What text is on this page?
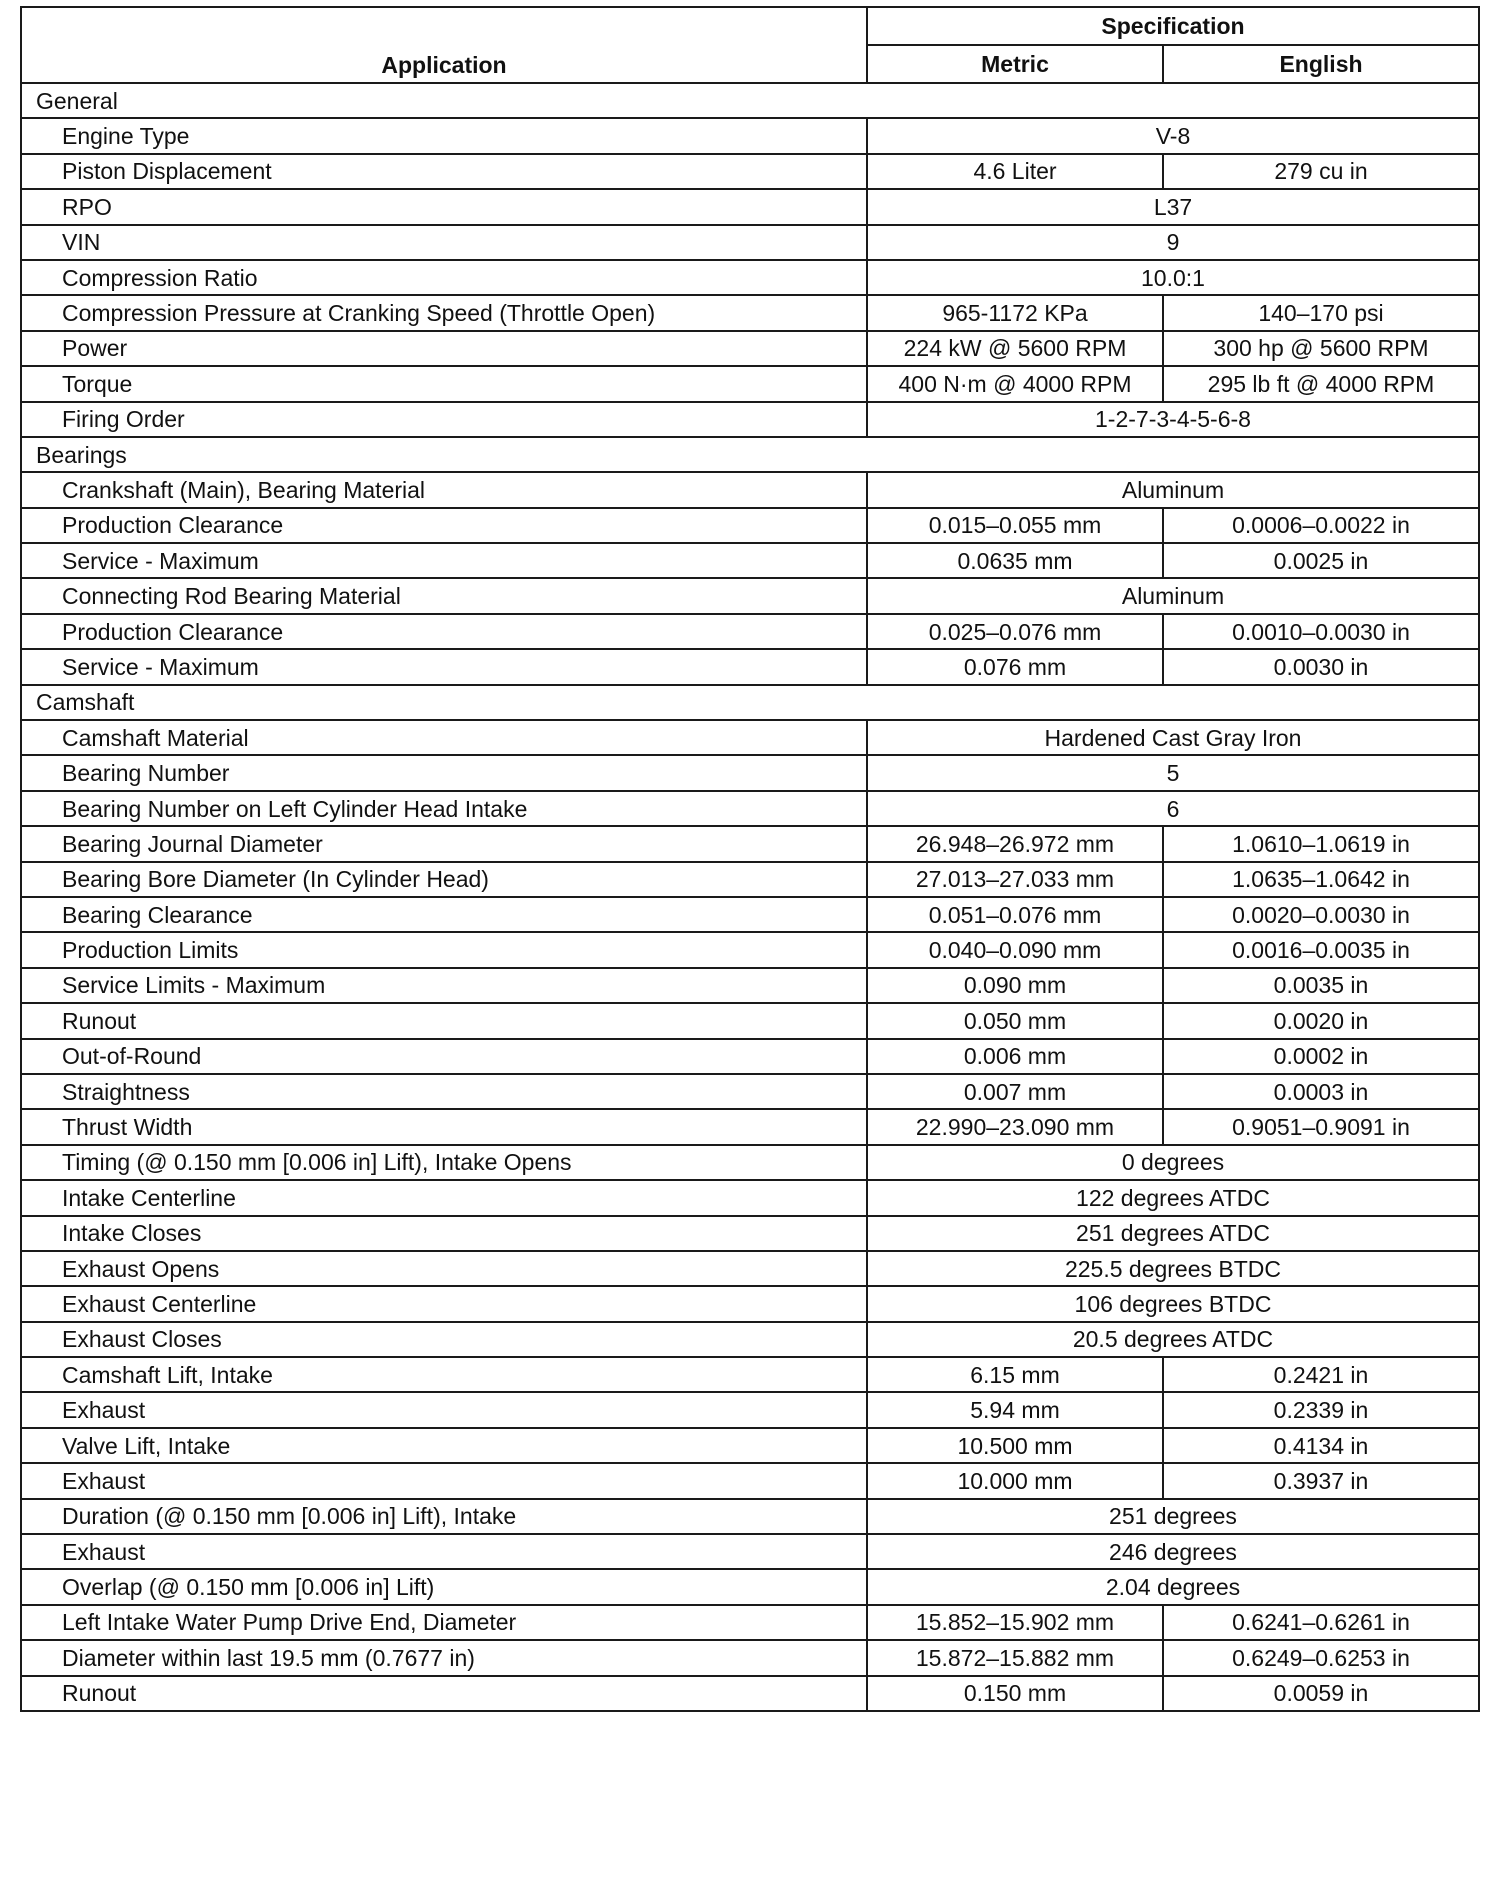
Application	Specification	
	Metric	English
General		
Engine Type	V-8	
Piston Displacement	4.6 Liter	279 cu in
RPO	L37	
VIN	9	
Compression Ratio	10.0:1	
Compression Pressure at Cranking Speed (Throttle Open)	965-1172 KPa	140–170 psi
Power	224 kW @ 5600 RPM	300 hp @ 5600 RPM
Torque	400 N·m @ 4000 RPM	295 lb ft @ 4000 RPM
Firing Order	1-2-7-3-4-5-6-8	
Bearings		
Crankshaft (Main), Bearing Material	Aluminum	
Production Clearance	0.015–0.055 mm	0.0006–0.0022 in
Service - Maximum	0.0635 mm	0.0025 in
Connecting Rod Bearing Material	Aluminum	
Production Clearance	0.025–0.076 mm	0.0010–0.0030 in
Service - Maximum	0.076 mm	0.0030 in
Camshaft		
Camshaft Material	Hardened Cast Gray Iron	
Bearing Number	5	
Bearing Number on Left Cylinder Head Intake	6	
Bearing Journal Diameter	26.948–26.972 mm	1.0610–1.0619 in
Bearing Bore Diameter (In Cylinder Head)	27.013–27.033 mm	1.0635–1.0642 in
Bearing Clearance	0.051–0.076 mm	0.0020–0.0030 in
Production Limits	0.040–0.090 mm	0.0016–0.0035 in
Service Limits - Maximum	0.090 mm	0.0035 in
Runout	0.050 mm	0.0020 in
Out-of-Round	0.006 mm	0.0002 in
Straightness	0.007 mm	0.0003 in
Thrust Width	22.990–23.090 mm	0.9051–0.9091 in
Timing (@ 0.150 mm [0.006 in] Lift), Intake Opens	0 degrees	
Intake Centerline	122 degrees ATDC	
Intake Closes	251 degrees ATDC	
Exhaust Opens	225.5 degrees BTDC	
Exhaust Centerline	106 degrees BTDC	
Exhaust Closes	20.5 degrees ATDC	
Camshaft Lift, Intake	6.15 mm	0.2421 in
Exhaust	5.94 mm	0.2339 in
Valve Lift, Intake	10.500 mm	0.4134 in
Exhaust	10.000 mm	0.3937 in
Duration (@ 0.150 mm [0.006 in] Lift), Intake	251 degrees	
Exhaust	246 degrees	
Overlap (@ 0.150 mm [0.006 in] Lift)	2.04 degrees	
Left Intake Water Pump Drive End, Diameter	15.852–15.902 mm	0.6241–0.6261 in
Diameter within last 19.5 mm (0.7677 in)	15.872–15.882 mm	0.6249–0.6253 in
Runout	0.150 mm	0.0059 in
